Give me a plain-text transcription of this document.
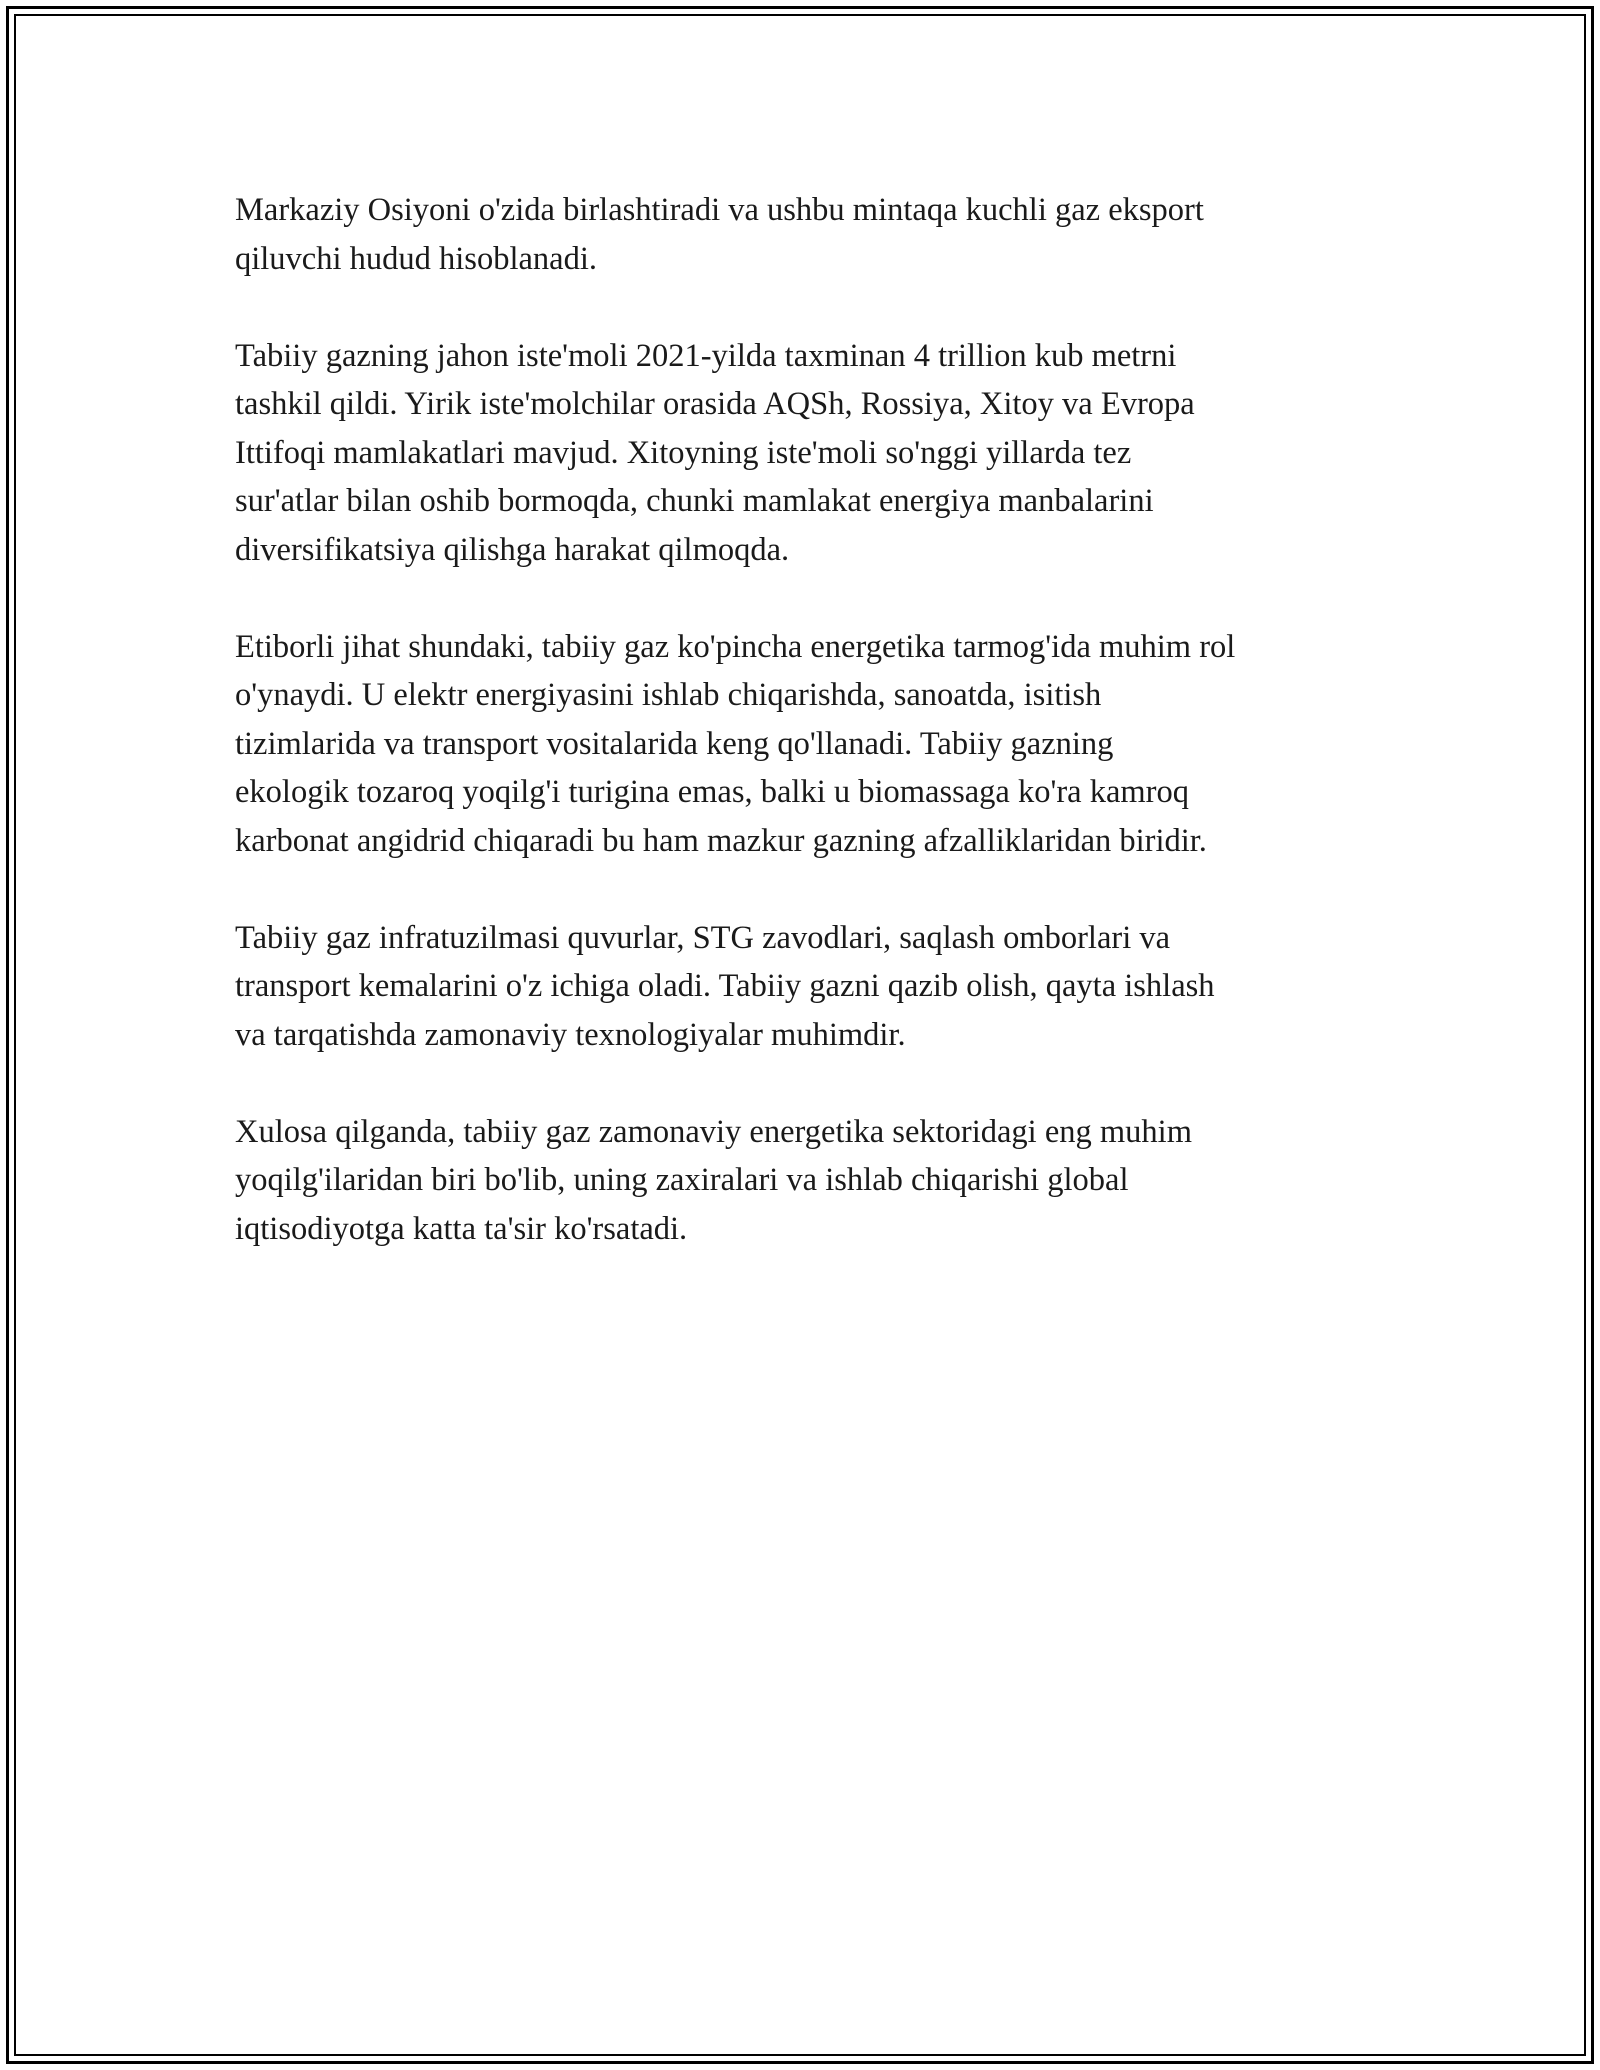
Markaziy Osiyoni o'zida birlashtiradi va ushbu mintaqa kuchli gaz eksport
qiluvchi hudud hisoblanadi.

Tabiiy gazning jahon iste'moli 2021-yilda taxminan 4 trillion kub metrni
tashkil qildi. Yirik iste'molchilar orasida AQSh, Rossiya, Xitoy va Evropa
Ittifoqi mamlakatlari mavjud. Xitoyning iste'moli so'nggi yillarda tez
sur'atlar bilan oshib bormoqda, chunki mamlakat energiya manbalarini
diversifikatsiya qilishga harakat qilmoqda.

Etiborli jihat shundaki, tabiiy gaz ko'pincha energetika tarmog'ida muhim rol
o'ynaydi. U elektr energiyasini ishlab chiqarishda, sanoatda, isitish
tizimlarida va transport vositalarida keng qo'llanadi. Tabiiy gazning
ekologik tozaroq yoqilg'i turigina emas, balki u biomassaga ko'ra kamroq
karbonat angidrid chiqaradi bu ham mazkur gazning afzalliklaridan biridir.

Tabiiy gaz infratuzilmasi quvurlar, STG zavodlari, saqlash omborlari va
transport kemalarini o'z ichiga oladi. Tabiiy gazni qazib olish, qayta ishlash
va tarqatishda zamonaviy texnologiyalar muhimdir.

Xulosa qilganda, tabiiy gaz zamonaviy energetika sektoridagi eng muhim
yoqilg'ilaridan biri bo'lib, uning zaxiralari va ishlab chiqarishi global
iqtisodiyotga katta ta'sir ko'rsatadi.
